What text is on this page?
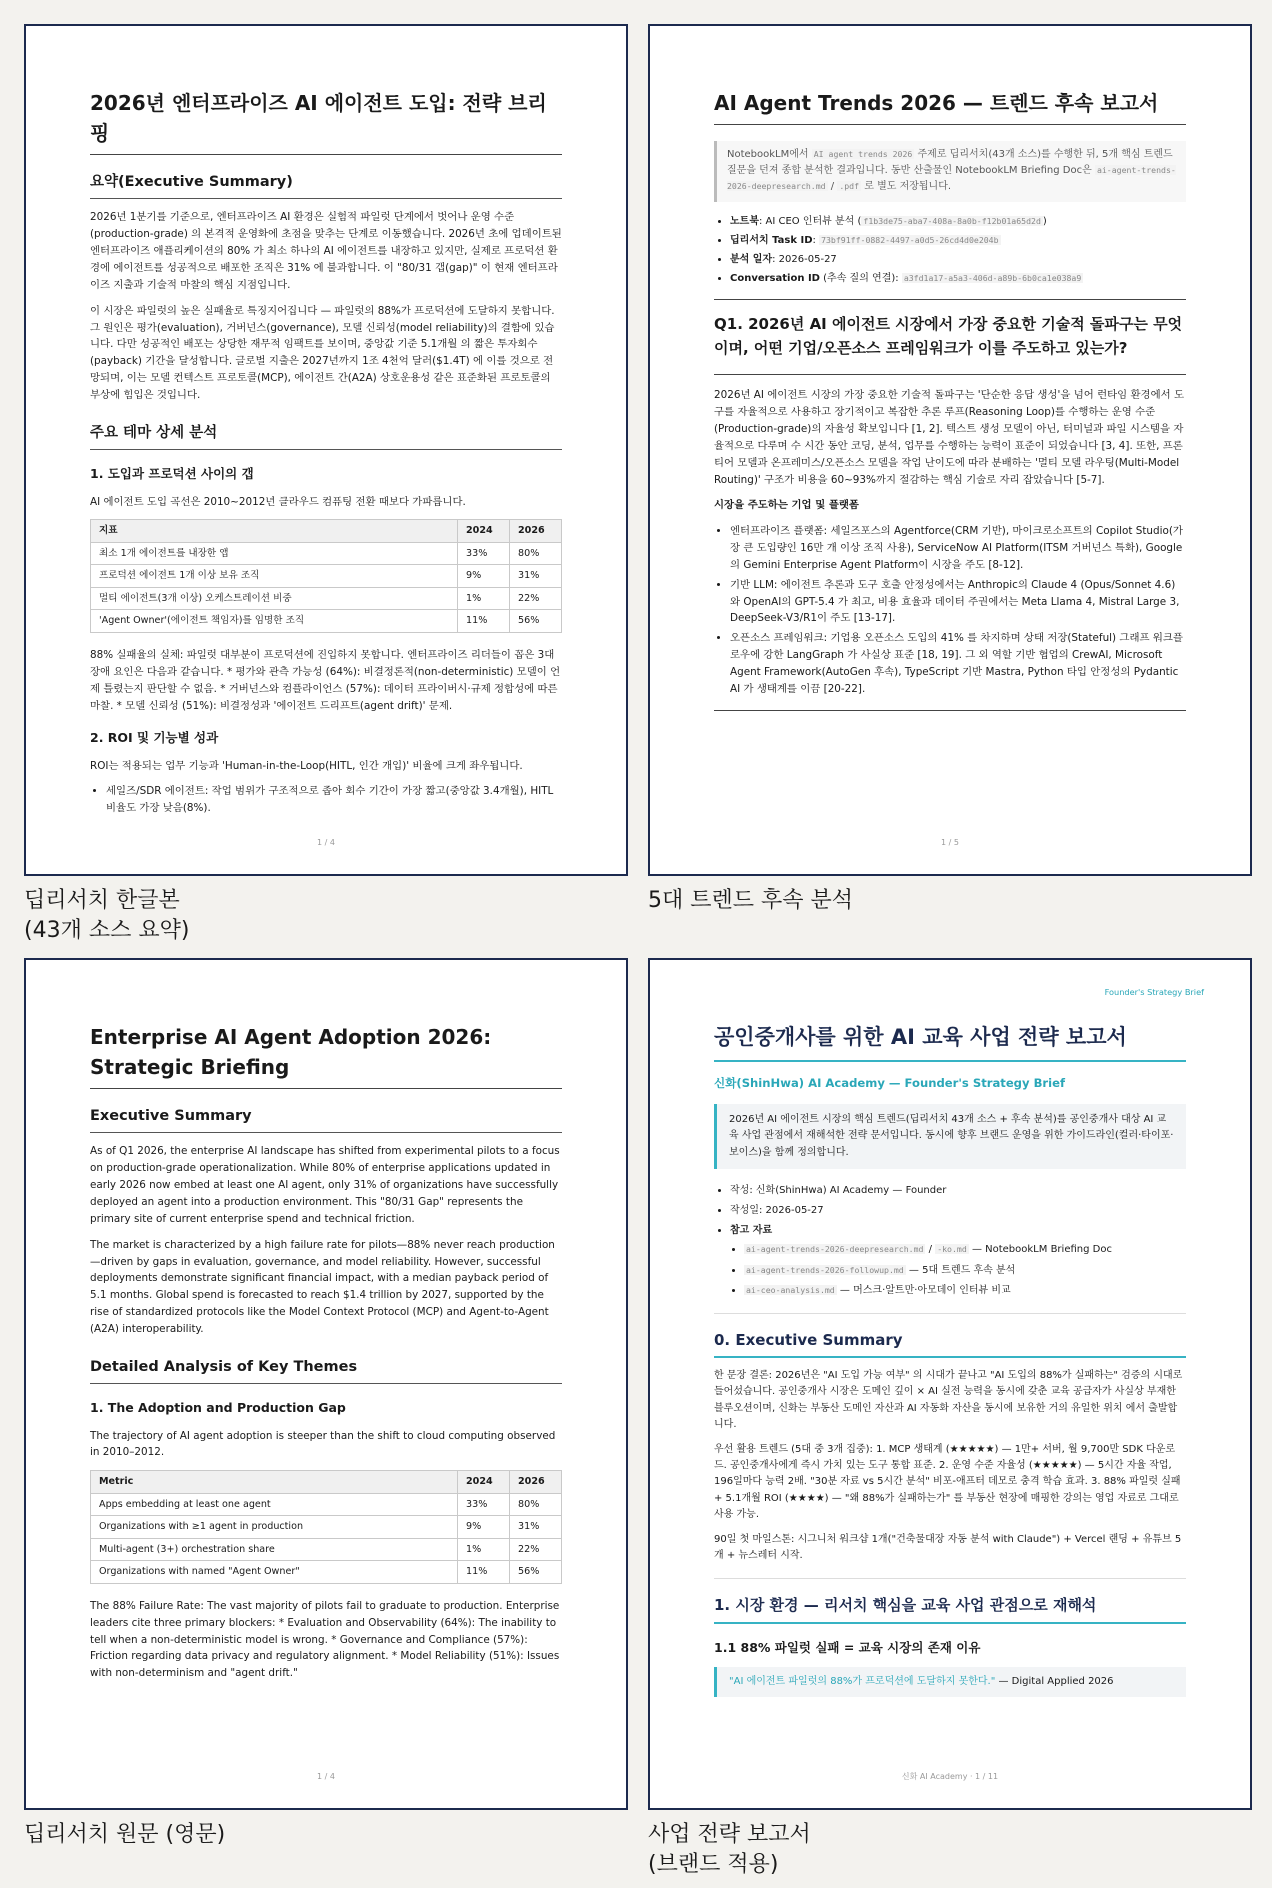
2026년 엔터프라이즈 AI 에이전트 도입: 전략 브리핑
요약(Executive Summary)

2026년 1분기를 기준으로, 엔터프라이즈 AI 환경은 실험적 파일럿 단계에서 벗어나 운영 수준(production-grade) 의 본격적 운영화에 초점을 맞추는 단계로 이동했습니다. 2026년 초에 업데이트된 엔터프라이즈 애플리케이션의 80% 가 최소 하나의 AI 에이전트를 내장하고 있지만, 실제로 프로덕션 환경에 에이전트를 성공적으로 배포한 조직은 31% 에 불과합니다. 이 "80/31 갭(gap)" 이 현재 엔터프라이즈 지출과 기술적 마찰의 핵심 지점입니다.

이 시장은 파일럿의 높은 실패율로 특징지어집니다 — 파일럿의 88%가 프로덕션에 도달하지 못합니다. 그 원인은 평가(evaluation), 거버넌스(governance), 모델 신뢰성(model reliability)의 결함에 있습니다. 다만 성공적인 배포는 상당한 재무적 임팩트를 보이며, 중앙값 기준 5.1개월 의 짧은 투자회수(payback) 기간을 달성합니다. 글로벌 지출은 2027년까지 1조 4천억 달러($1.4T) 에 이를 것으로 전망되며, 이는 모델 컨텍스트 프로토콜(MCP), 에이전트 간(A2A) 상호운용성 같은 표준화된 프로토콜의 부상에 힘입은 것입니다.

주요 테마 상세 분석
1. 도입과 프로덕션 사이의 갭

AI 에이전트 도입 곡선은 2010~2012년 클라우드 컴퓨팅 전환 때보다 가파릅니다.

지표	2024	2026
최소 1개 에이전트를 내장한 앱	33%	80%
프로덕션 에이전트 1개 이상 보유 조직	9%	31%
멀티 에이전트(3개 이상) 오케스트레이션 비중	1%	22%
'Agent Owner'(에이전트 책임자)를 임명한 조직	11%	56%

88% 실패율의 실체: 파일럿 대부분이 프로덕션에 진입하지 못합니다. 엔터프라이즈 리더들이 꼽은 3대 장애 요인은 다음과 같습니다. * 평가와 관측 가능성 (64%): 비결정론적(non-deterministic) 모델이 언제 틀렸는지 판단할 수 없음. * 거버넌스와 컴플라이언스 (57%): 데이터 프라이버시·규제 정합성에 따른 마찰. * 모델 신뢰성 (51%): 비결정성과 '에이전트 드리프트(agent drift)' 문제.

2. ROI 및 기능별 성과

ROI는 적용되는 업무 기능과 'Human-in-the-Loop(HITL, 인간 개입)' 비율에 크게 좌우됩니다.

• 세일즈/SDR 에이전트: 작업 범위가 구조적으로 좁아 회수 기간이 가장 짧고(중앙값 3.4개월), HITL 비율도 가장 낮음(8%).
1 / 4
딥리서치 한글본
(43개 소스 요약)
AI Agent Trends 2026 — 트렌드 후속 보고서
NotebookLM에서 AI agent trends 2026 주제로 딥리서치(43개 소스)를 수행한 뒤, 5개 핵심 트렌드 질문을 던져 종합 분석한 결과입니다. 동반 산출물인 NotebookLM Briefing Doc은 ai-agent-trends-2026-deepresearch.md / .pdf 로 별도 저장됩니다.
• 노트북: AI CEO 인터뷰 분석 ( f1b3de75-aba7-408a-8a0b-f12b01a65d2d )
• 딥리서치 Task ID: 73bf91ff-0882-4497-a0d5-26cd4d0e204b
• 분석 일자: 2026-05-27
• Conversation ID (추속 질의 연결): a3fd1a17-a5a3-406d-a89b-6b0ca1e038a9
Q1. 2026년 AI 에이전트 시장에서 가장 중요한 기술적 돌파구는 무엇이며, 어떤 기업/오픈소스 프레임워크가 이를 주도하고 있는가?

2026년 AI 에이전트 시장의 가장 중요한 기술적 돌파구는 '단순한 응답 생성'을 넘어 런타임 환경에서 도구를 자율적으로 사용하고 장기적이고 복잡한 추론 루프(Reasoning Loop)를 수행하는 운영 수준(Production-grade)의 자율성 확보입니다 [1, 2]. 텍스트 생성 모델이 아닌, 터미널과 파일 시스템을 자율적으로 다루며 수 시간 동안 코딩, 분석, 업무를 수행하는 능력이 표준이 되었습니다 [3, 4]. 또한, 프론티어 모델과 온프레미스/오픈소스 모델을 작업 난이도에 따라 분배하는 '멀티 모델 라우팅(Multi-Model Routing)' 구조가 비용을 60~93%까지 절감하는 핵심 기술로 자리 잡았습니다 [5-7].

시장을 주도하는 기업 및 플랫폼

• 엔터프라이즈 플랫폼: 세일즈포스의 Agentforce(CRM 기반), 마이크로소프트의 Copilot Studio(가장 큰 도입량인 16만 개 이상 조직 사용), ServiceNow AI Platform(ITSM 거버넌스 특화), Google의 Gemini Enterprise Agent Platform이 시장을 주도 [8-12].
• 기반 LLM: 에이전트 추론과 도구 호출 안정성에서는 Anthropic의 Claude 4 (Opus/Sonnet 4.6) 와 OpenAI의 GPT-5.4 가 최고, 비용 효율과 데이터 주권에서는 Meta Llama 4, Mistral Large 3, DeepSeek-V3/R1이 주도 [13-17].
• 오픈소스 프레임워크: 기업용 오픈소스 도입의 41% 를 차지하며 상태 저장(Stateful) 그래프 워크플로우에 강한 LangGraph 가 사실상 표준 [18, 19]. 그 외 역할 기반 협업의 CrewAI, Microsoft Agent Framework(AutoGen 후속), TypeScript 기반 Mastra, Python 타입 안정성의 Pydantic AI 가 생태계를 이끔 [20-22].
1 / 5
5대 트렌드 후속 분석
Enterprise AI Agent Adoption 2026: Strategic Briefing
Executive Summary

As of Q1 2026, the enterprise AI landscape has shifted from experimental pilots to a focus on production-grade operationalization. While 80% of enterprise applications updated in early 2026 now embed at least one AI agent, only 31% of organizations have successfully deployed an agent into a production environment. This "80/31 Gap" represents the primary site of current enterprise spend and technical friction.

The market is characterized by a high failure rate for pilots—88% never reach production—driven by gaps in evaluation, governance, and model reliability. However, successful deployments demonstrate significant financial impact, with a median payback period of 5.1 months. Global spend is forecasted to reach $1.4 trillion by 2027, supported by the rise of standardized protocols like the Model Context Protocol (MCP) and Agent-to-Agent (A2A) interoperability.

Detailed Analysis of Key Themes
1. The Adoption and Production Gap

The trajectory of AI agent adoption is steeper than the shift to cloud computing observed in 2010–2012.

Metric	2024	2026
Apps embedding at least one agent	33%	80%
Organizations with ≥1 agent in production	9%	31%
Multi-agent (3+) orchestration share	1%	22%
Organizations with named "Agent Owner"	11%	56%

The 88% Failure Rate: The vast majority of pilots fail to graduate to production. Enterprise leaders cite three primary blockers: * Evaluation and Observability (64%): The inability to tell when a non-deterministic model is wrong. * Governance and Compliance (57%): Friction regarding data privacy and regulatory alignment. * Model Reliability (51%): Issues with non-determinism and "agent drift."

1 / 4
딥리서치 원문 (영문)
Founder's Strategy Brief
공인중개사를 위한 AI 교육 사업 전략 보고서
신화(ShinHwa) AI Academy — Founder's Strategy Brief
2026년 AI 에이전트 시장의 핵심 트렌드(딥리서치 43개 소스 + 후속 분석)를 공인중개사 대상 AI 교육 사업 관점에서 재해석한 전략 문서입니다. 동시에 향후 브랜드 운영을 위한 가이드라인(컬러·타이포·보이스)을 함께 정의합니다.
• 작성: 신화(ShinHwa) AI Academy — Founder
• 작성일: 2026-05-27
• 참고 자료
• ai-agent-trends-2026-deepresearch.md / -ko.md — NotebookLM Briefing Doc
• ai-agent-trends-2026-followup.md — 5대 트렌드 후속 분석
• ai-ceo-analysis.md — 머스크·알트만·아모데이 인터뷰 비교
0. Executive Summary

한 문장 결론: 2026년은 "AI 도입 가능 여부" 의 시대가 끝나고 "AI 도입의 88%가 실패하는" 검증의 시대로 들어섰습니다. 공인중개사 시장은 도메인 깊이 × AI 실전 능력을 동시에 갖춘 교육 공급자가 사실상 부재한 블루오션이며, 신화는 부동산 도메인 자산과 AI 자동화 자산을 동시에 보유한 거의 유일한 위치 에서 출발합니다.

우선 활용 트렌드 (5대 중 3개 집중): 1. MCP 생태계 (★★★★★) — 1만+ 서버, 월 9,700만 SDK 다운로드. 공인중개사에게 즉시 가치 있는 도구 통합 표준. 2. 운영 수준 자율성 (★★★★★) — 5시간 자율 작업, 196일마다 능력 2배. "30분 자료 vs 5시간 분석" 비포-애프터 데모로 충격 학습 효과. 3. 88% 파일럿 실패 + 5.1개월 ROI (★★★★) — "왜 88%가 실패하는가" 를 부동산 현장에 매핑한 강의는 영업 자료로 그대로 사용 가능.

90일 첫 마일스톤: 시그니처 워크샵 1개("건축물대장 자동 분석 with Claude") + Vercel 랜딩 + 유튜브 5개 + 뉴스레터 시작.

1. 시장 환경 — 리서치 핵심을 교육 사업 관점으로 재해석
1.1 88% 파일럿 실패 = 교육 시장의 존재 이유
"AI 에이전트 파일럿의 88%가 프로덕션에 도달하지 못한다." — Digital Applied 2026
신화 AI Academy · 1 / 11
사업 전략 보고서
(브랜드 적용)
